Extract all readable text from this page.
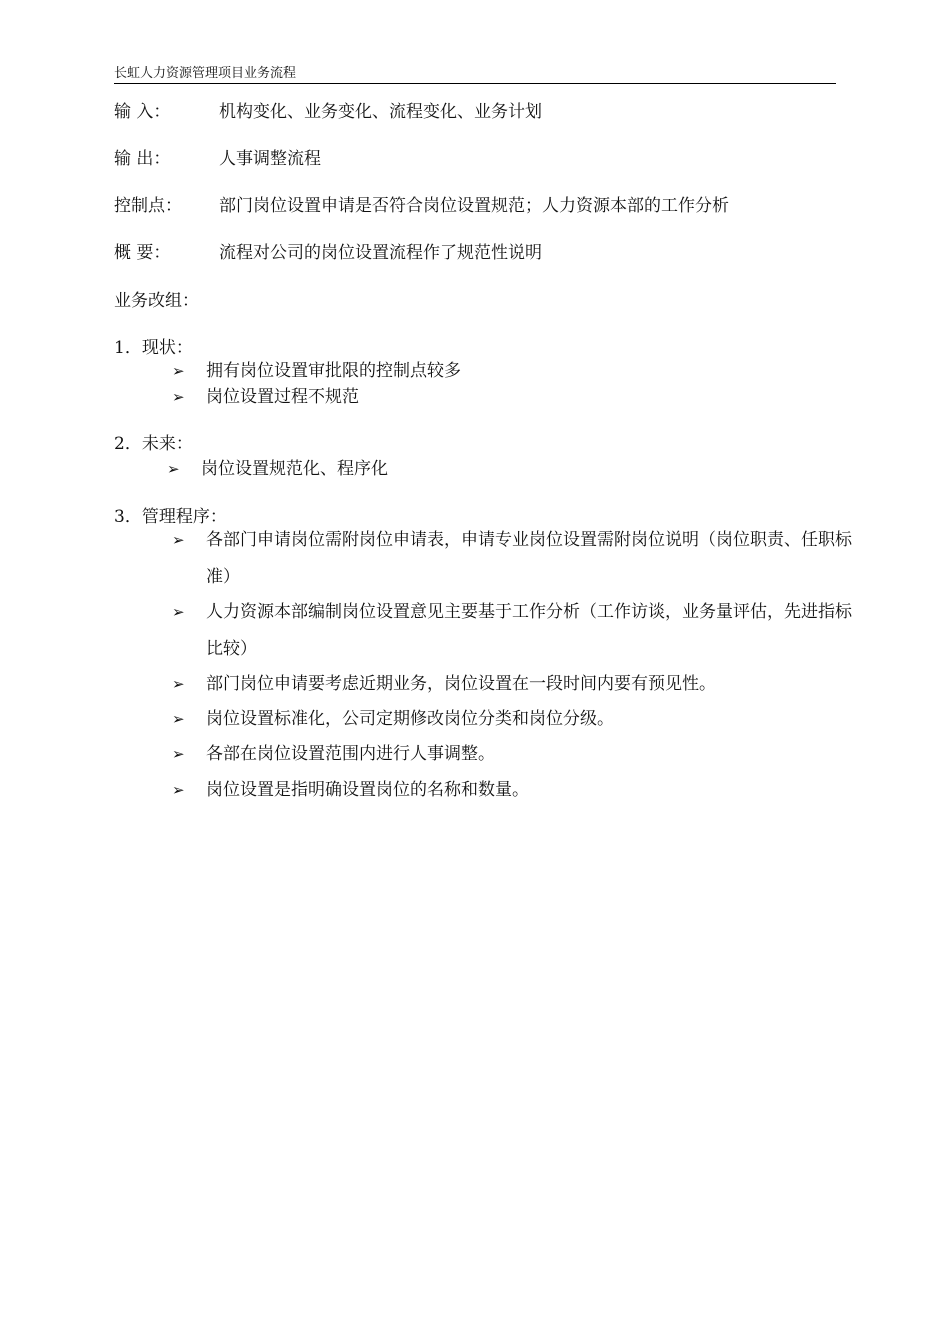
长虹人力资源管理项目业务流程
输 入：	机构变化、业务变化、流程变化、业务计划
输 出：	人事调整流程
控制点： 部门岗位设置申请是否符合岗位设置规范；人力资源本部的工作分析
概 要：	流程对公司的岗位设置流程作了规范性说明
业务改组：
1．现状：
➢ 拥有岗位设置审批限的控制点较多
➢ 岗位设置过程不规范
2．未来：
➢ 岗位设置规范化、程序化
3．管理程序：
➢ 各部门申请岗位需附岗位申请表，申请专业岗位设置需附岗位说明（岗位职责、任职标准）
➢ 人力资源本部编制岗位设置意见主要基于工作分析（工作访谈，业务量评估，先进指标比较）
➢ 部门岗位申请要考虑近期业务，岗位设置在一段时间内要有预见性。
➢ 岗位设置标准化，公司定期修改岗位分类和岗位分级。
➢ 各部在岗位设置范围内进行人事调整。
➢ 岗位设置是指明确设置岗位的名称和数量。
